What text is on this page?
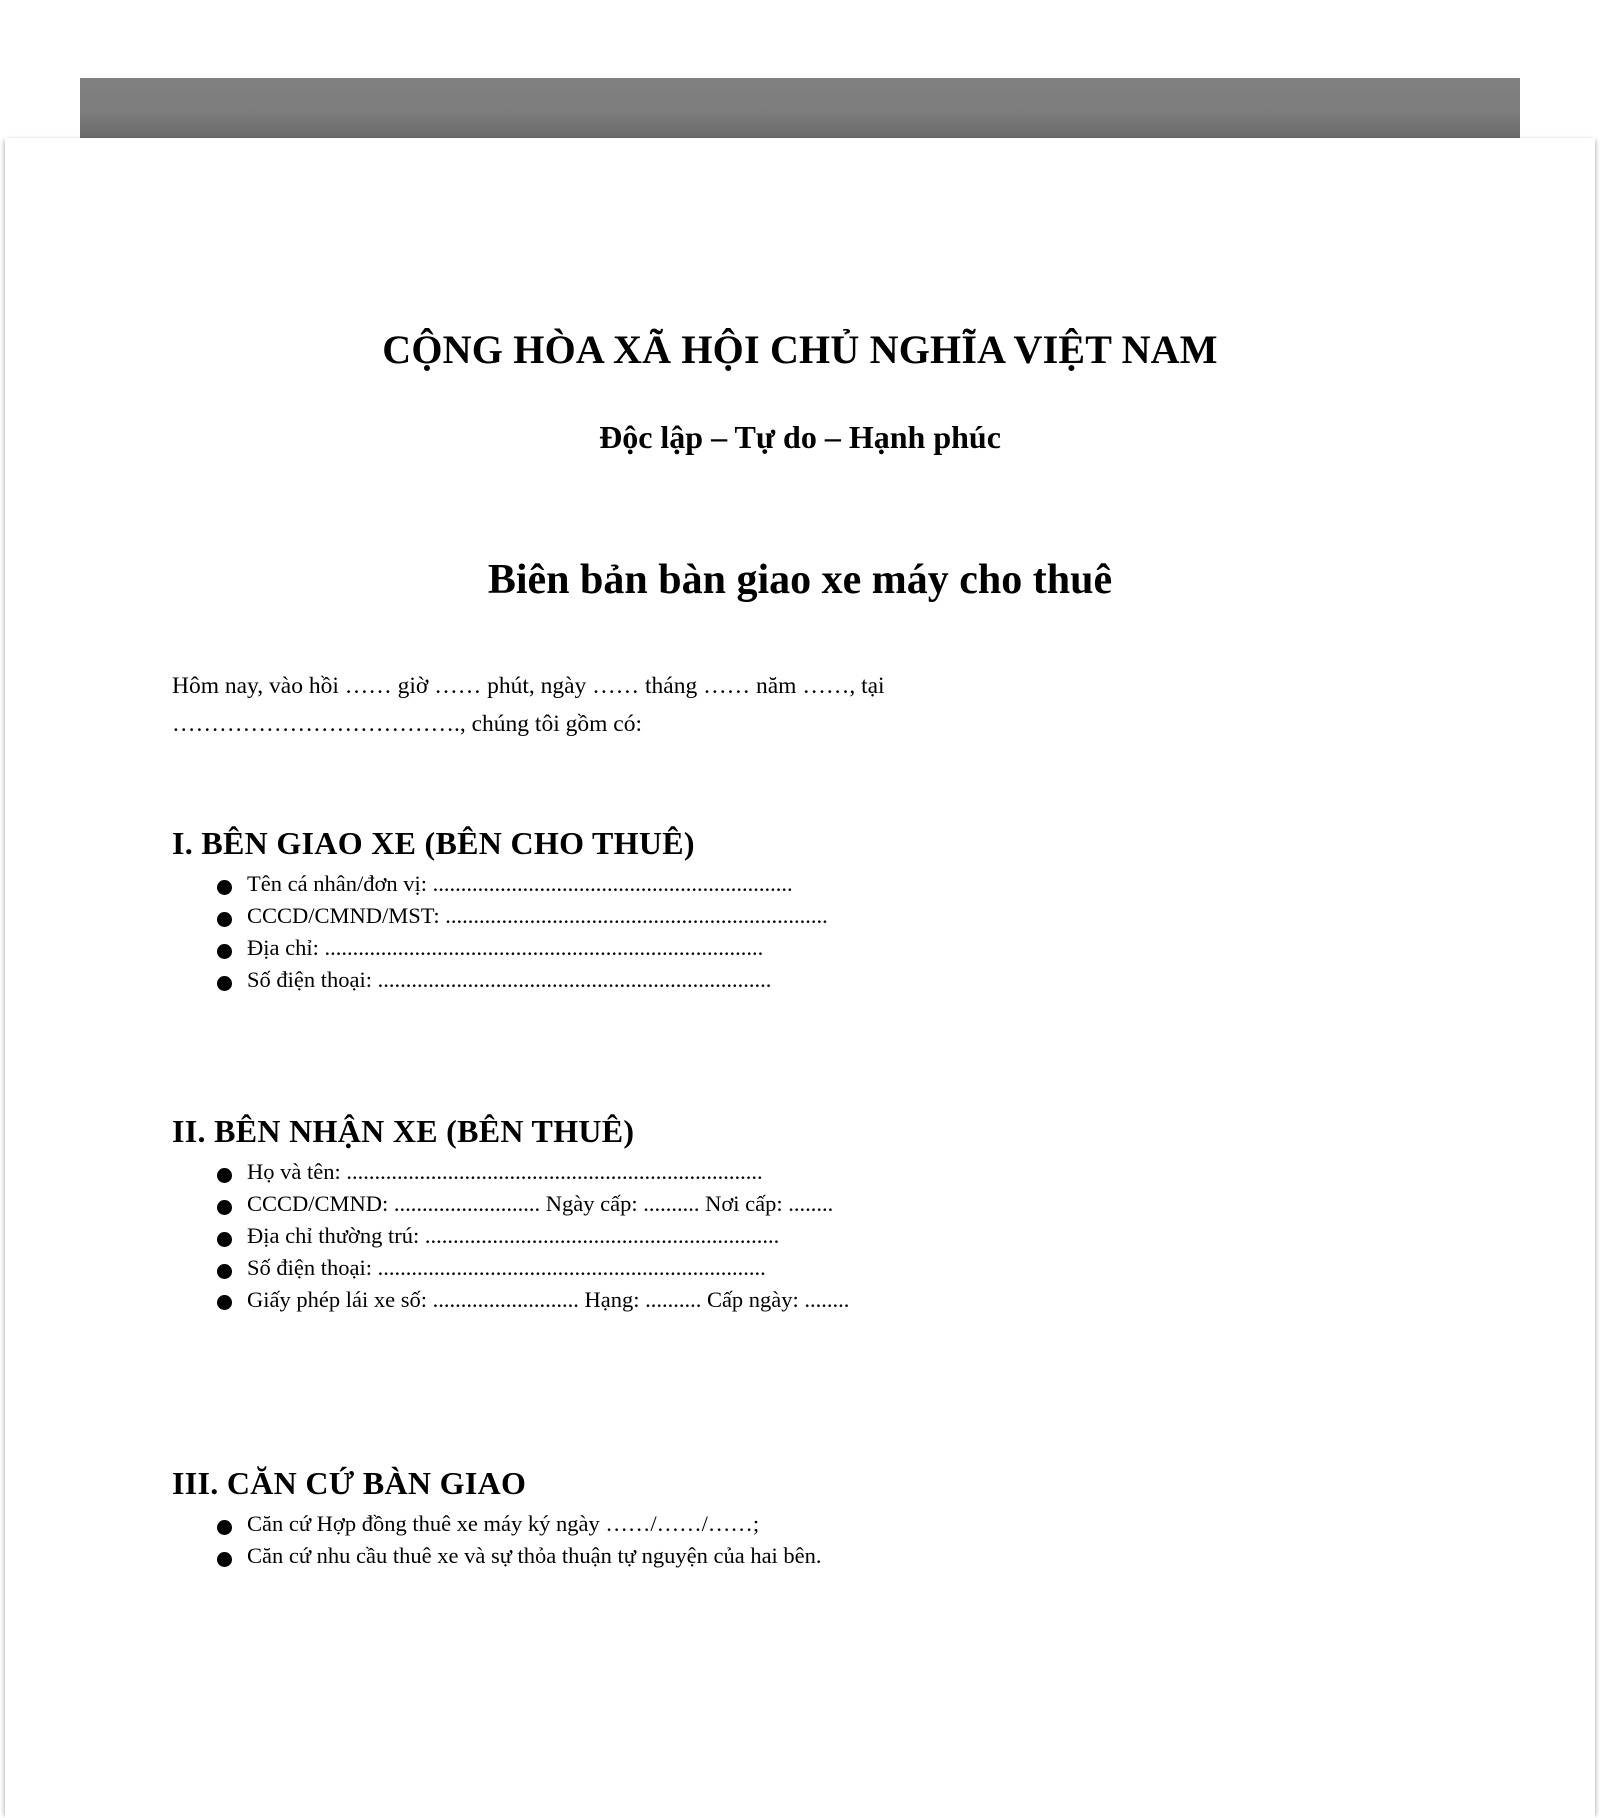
CỘNG HÒA XÃ HỘI CHỦ NGHĨA VIỆT NAM
Độc lập – Tự do – Hạnh phúc
Biên bản bàn giao xe máy cho thuê

Hôm nay, vào hồi …… giờ …… phút, ngày …… tháng …… năm ……, tại ………………………………., chúng tôi gồm có:

I. BÊN GIAO XE (BÊN CHO THUÊ)
Tên cá nhân/đơn vị: ................................................................
CCCD/CMND/MST: ....................................................................
Địa chỉ: ..............................................................................
Số điện thoại: ......................................................................
II. BÊN NHẬN XE (BÊN THUÊ)
Họ và tên: ..........................................................................
CCCD/CMND: .......................... Ngày cấp: .......... Nơi cấp: ........
Địa chỉ thường trú: ...............................................................
Số điện thoại: .....................................................................
Giấy phép lái xe số: .......................... Hạng: .......... Cấp ngày: ........
III. CĂN CỨ BÀN GIAO
Căn cứ Hợp đồng thuê xe máy ký ngày ……/……/……;
Căn cứ nhu cầu thuê xe và sự thỏa thuận tự nguyện của hai bên.
